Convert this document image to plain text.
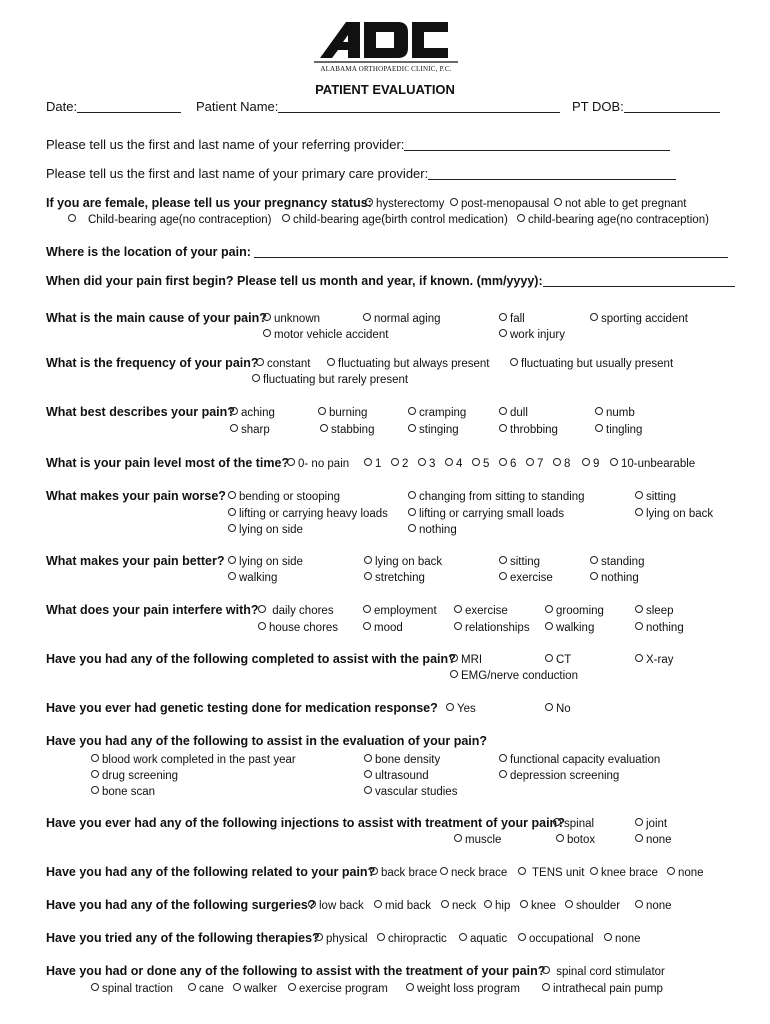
ALABAMA ORTHOPAEDIC CLINIC, P.C.
PATIENT EVALUATION
Date:	Patient Name:	PT DOB:
Please tell us the first and last name of your referring provider:
Please tell us the first and last name of your primary care provider:
If you are female, please tell us your pregnancy status: hysterectomy	post-menopausal	not able to get pregnant
Child-bearing age(no contraception)	child-bearing age(birth control medication)	child-bearing age(no contraception)
Where is the location of your pain:
When did your pain first begin? Please tell us month and year, if known. (mm/yyyy):
What is the main cause of your pain? unknown	normal aging	fall	sporting accident
motor vehicle accident	work injury
What is the frequency of your pain? constant	fluctuating but always present	fluctuating but usually present
fluctuating but rarely present
What best describes your pain? aching	burning	cramping	dull	numb
sharp	stabbing	stinging	throbbing	tingling
What is your pain level most of the time? 0- no pain	1	2	3	4	5	6	7	8	9	10-unbearable
What makes your pain worse?	bending or stooping	changing from sitting to standing	sitting
lifting or carrying heavy loads	lifting or carrying small loads	lying on back
lying on side	nothing
What makes your pain better?	lying on side	lying on back	sitting	standing
walking	stretching	exercise	nothing
What does your pain interfere with?	daily chores	employment	exercise	grooming	sleep
house chores	mood	relationships	walking	nothing
Have you had any of the following completed to assist with the pain? MRI	CT	X-ray
EMG/nerve conduction
Have you ever had genetic testing done for medication response?	Yes	No
Have you had any of the following to assist in the evaluation of your pain?
blood work completed in the past year	bone density	functional capacity evaluation
drug screening	ultrasound	depression screening
bone scan	vascular studies
Have you ever had any of the following injections to assist with treatment of your pain? spinal	joint
muscle	botox	none
Have you had any of the following related to your pain? back brace	neck brace	TENS unit	knee brace	none
Have you had any of the following surgeries? low back	mid back	neck	hip	knee	shoulder	none
Have you tried any of the following therapies? physical	chiropractic	aquatic	occupational	none
Have you had or done any of the following to assist with the treatment of your pain? spinal cord stimulator
spinal traction	cane	walker	exercise program	weight loss program	intrathecal pain pump
